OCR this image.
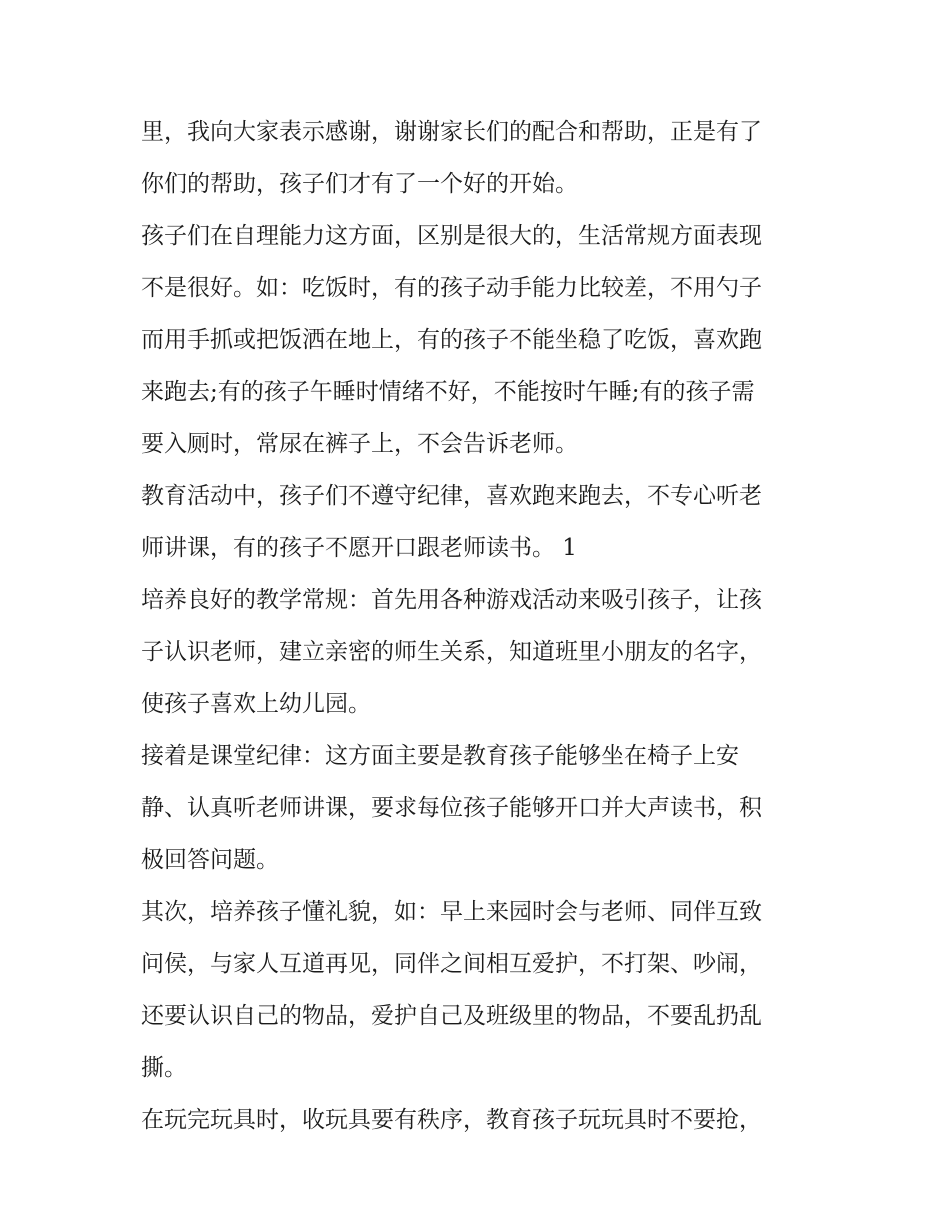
里，我向大家表示感谢，谢谢家长们的配合和帮助，正是有了
你们的帮助，孩子们才有了一个好的开始。
孩子们在自理能力这方面，区别是很大的，生活常规方面表现
不是很好。如：吃饭时，有的孩子动手能力比较差，不用勺子
而用手抓或把饭洒在地上，有的孩子不能坐稳了吃饭，喜欢跑
来跑去;有的孩子午睡时情绪不好，不能按时午睡;有的孩子需
要入厕时，常尿在裤子上，不会告诉老师。
教育活动中，孩子们不遵守纪律，喜欢跑来跑去，不专心听老
师讲课，有的孩子不愿开口跟老师读书。 1
培养良好的教学常规：首先用各种游戏活动来吸引孩子，让孩
子认识老师，建立亲密的师生关系，知道班里小朋友的名字，
使孩子喜欢上幼儿园。
接着是课堂纪律：这方面主要是教育孩子能够坐在椅子上安
静、认真听老师讲课，要求每位孩子能够开口并大声读书，积
极回答问题。
其次，培养孩子懂礼貌，如：早上来园时会与老师、同伴互致
问侯，与家人互道再见，同伴之间相互爱护，不打架、吵闹，
还要认识自己的物品，爱护自己及班级里的物品，不要乱扔乱
撕。
在玩完玩具时，收玩具要有秩序，教育孩子玩玩具时不要抢，
